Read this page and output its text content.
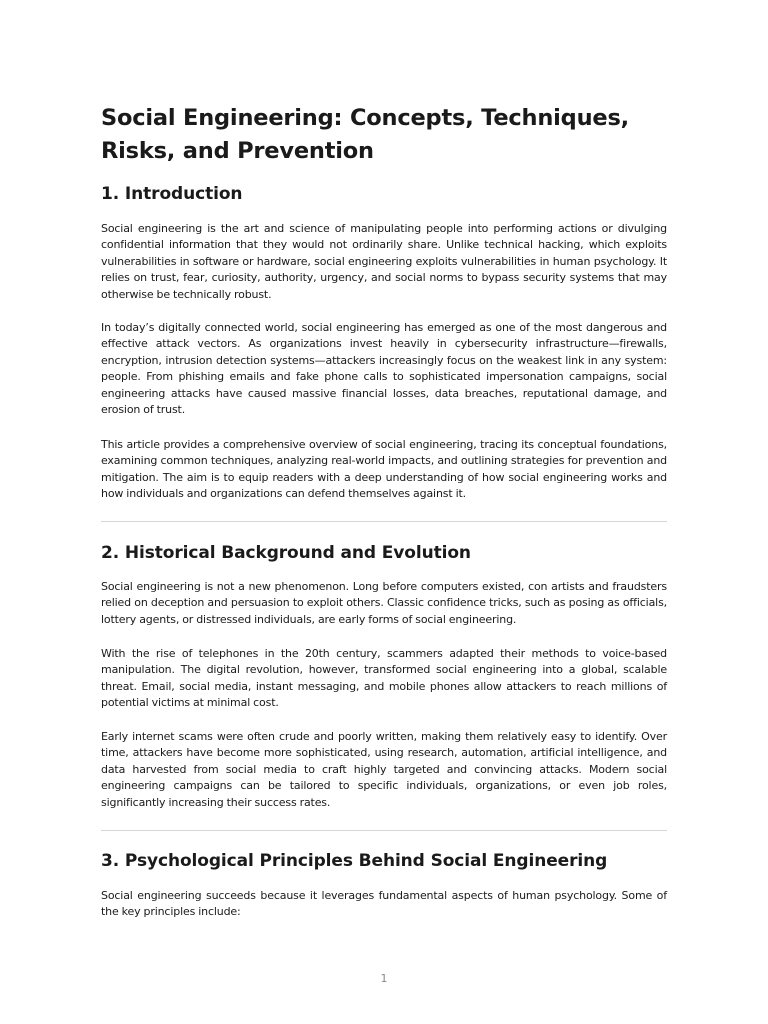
Social Engineering: Concepts, Techniques, Risks, and Prevention
1. Introduction

Social engineering is the art and science of manipulating people into performing actions or divulging confidential information that they would not ordinarily share. Unlike technical hacking, which exploits vulnerabilities in software or hardware, social engineering exploits vulnerabilities in human psychology. It relies on trust, fear, curiosity, authority, urgency, and social norms to bypass security systems that may otherwise be technically robust.

In today’s digitally connected world, social engineering has emerged as one of the most dangerous and effective attack vectors. As organizations invest heavily in cybersecurity infrastructure—firewalls, encryption, intrusion detection systems—attackers increasingly focus on the weakest link in any system: people. From phishing emails and fake phone calls to sophisticated impersonation campaigns, social engineering attacks have caused massive financial losses, data breaches, reputational damage, and erosion of trust.

This article provides a comprehensive overview of social engineering, tracing its conceptual foundations, examining common techniques, analyzing real-world impacts, and outlining strategies for prevention and mitigation. The aim is to equip readers with a deep understanding of how social engineering works and how individuals and organizations can defend themselves against it.

2. Historical Background and Evolution

Social engineering is not a new phenomenon. Long before computers existed, con artists and fraudsters relied on deception and persuasion to exploit others. Classic confidence tricks, such as posing as officials, lottery agents, or distressed individuals, are early forms of social engineering.

With the rise of telephones in the 20th century, scammers adapted their methods to voice-based manipulation. The digital revolution, however, transformed social engineering into a global, scalable threat. Email, social media, instant messaging, and mobile phones allow attackers to reach millions of potential victims at minimal cost.

Early internet scams were often crude and poorly written, making them relatively easy to identify. Over time, attackers have become more sophisticated, using research, automation, artificial intelligence, and data harvested from social media to craft highly targeted and convincing attacks. Modern social engineering campaigns can be tailored to specific individuals, organizations, or even job roles, significantly increasing their success rates.

3. Psychological Principles Behind Social Engineering

Social engineering succeeds because it leverages fundamental aspects of human psychology. Some of the key principles include:

1
